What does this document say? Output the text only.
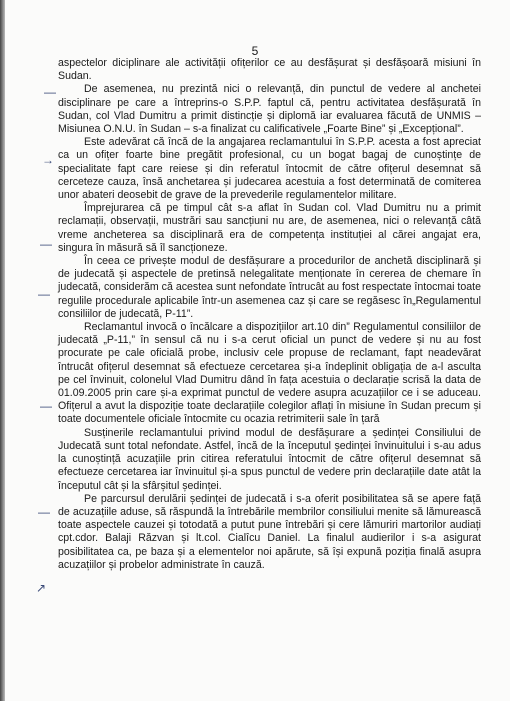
5

aspectelor diciplinare ale activității ofițerilor ce au desfășurat și desfășoară misiuni în Sudan.

De asemenea, nu prezintă nici o relevanță, din punctul de vedere al anchetei disciplinare pe care a întreprins-o S.P.P. faptul că, pentru activitatea desfășurată în Sudan, col Vlad Dumitru a primit distincție și diplomă iar evaluarea făcută de UNMIS –Misiunea O.N.U. în Sudan – s-a finalizat cu calificativele „Foarte Bine” și „Excepțional”.

Este adevărat că încă de la angajarea reclamantului în S.P.P. acesta a fost apreciat ca un ofițer foarte bine pregătit profesional, cu un bogat bagaj de cunoștințe de specialitate fapt care reiese și din referatul întocmit de către ofițerul desemnat să cerceteze cauza, însă anchetarea și judecarea acestuia a fost determinată de comiterea unor abateri deosebit de grave de la prevederile regulamentelor militare.

Împrejurarea că pe timpul cât s-a aflat în Sudan col. Vlad Dumitru nu a primit reclamații, observații, mustrări sau sancțiuni nu are, de asemenea, nici o relevanță câtă vreme ancheterea sa disciplinară era de competența instituției al cărei angajat era, singura în măsură să îl sancționeze.

În ceea ce privește modul de desfășurare a procedurilor de anchetă disciplinară și de judecată și aspectele de pretinsă nelegalitate menționate în cererea de chemare în judecată, considerăm că acestea sunt nefondate întrucât au fost respectate întocmai toate regulile procedurale aplicabile într-un asemenea caz și care se regăsesc în„Regulamentul consiliilor de judecată, P-11”.

Reclamantul invocă o încălcare a dispozițiilor art.10 din” Regulamentul consiliilor de judecată „P-11,” în sensul că nu i s-a cerut oficial un punct de vedere și nu au fost procurate pe cale oficială probe, inclusiv cele propuse de reclamant, fapt neadevărat întrucât ofițerul desemnat să efectueze cercetarea și-a îndeplinit obligația de a-l asculta pe cel învinuit, colonelul Vlad Dumitru dând în fața acestuia o declarație scrisă la data de 01.09.2005 prin care și-a exprimat punctul de vedere asupra acuzațiilor ce i se aduceau. Ofițerul a avut la dispoziție toate declarațiile colegilor aflați în misiune în Sudan precum și toate documentele oficiale întocmite cu ocazia retrimiterii sale în țară

Susținerile reclamantului privind modul de desfășurare a ședinței Consiliului de Judecată sunt total nefondate. Astfel, încă de la începutul ședinței învinuitului i s-au adus la cunoștință acuzațiile prin citirea referatului întocmit de către ofițerul desemnat să efectueze cercetarea iar învinuitul și-a spus punctul de vedere prin declarațiile date atât la începutul cât și la sfârșitul ședinței.

Pe parcursul derulării ședinței de judecată i s-a oferit posibilitatea să se apere față de acuzațiile aduse, să răspundă la întrebările membrilor consiliului menite să lămurească toate aspectele cauzei și totodată a putut pune întrebări și cere lămuriri martorilor audiați cpt.cdor. Balaji Răzvan și lt.col. Cialîcu Daniel. La finalul audierilor i s-a asigurat posibilitatea ca, pe baza și a elementelor noi apărute, să își expună poziția finală asupra acuzațiilor și probelor administrate în cauză.

—
→
—
—
—
—
↗
